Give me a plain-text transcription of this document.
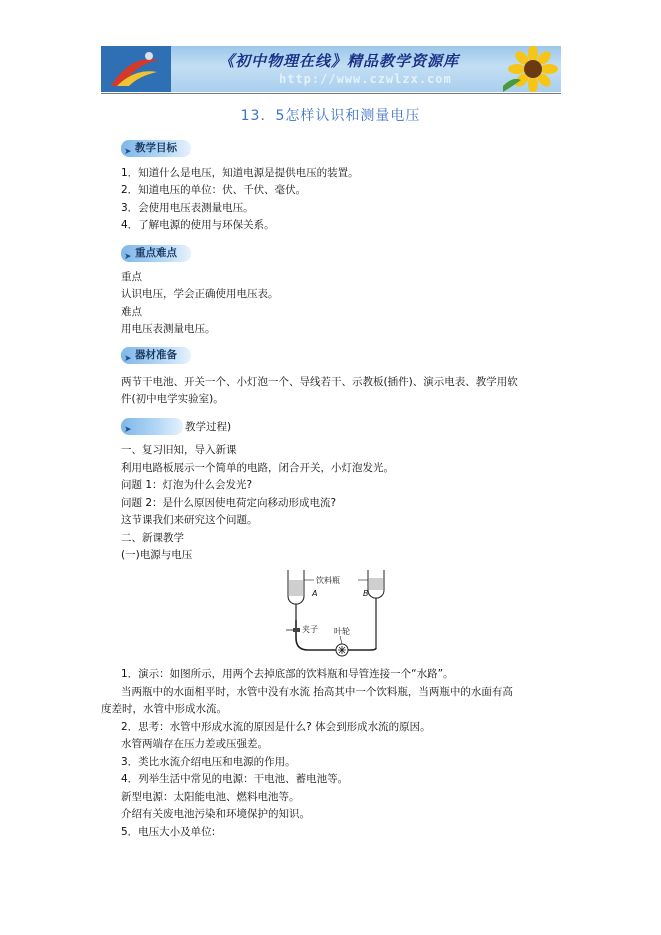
《初中物理在线》精品教学资源库
http://www.czwlzx.com
13．5怎样认识和测量电压
➤ 教学目标
1．知道什么是电压，知道电源是提供电压的装置。
2．知道电压的单位：伏、千伏、毫伏。
3．会使用电压表测量电压。
4．了解电源的使用与环保关系。
➤ 重点难点
重点
认识电压，学会正确使用电压表。
难点
用电压表测量电压。
➤ 器材准备
两节干电池、开关一个、小灯泡一个、导线若干、示教板(插件)、演示电表、教学用软
件(初中电学实验室)。
➤	教学过程)
一、复习旧知，导入新课
利用电路板展示一个简单的电路，闭合开关，小灯泡发光。
问题 1：灯泡为什么会发光?
问题 2：是什么原因使电荷定向移动形成电流?
这节课我们来研究这个问题。
二、新课教学
(一)电源与电压
饮料瓶
A	B
夹子 叶轮
1．演示：如图所示，用两个去掉底部的饮料瓶和导管连接一个“水路”。
当两瓶中的水面相平时，水管中没有水流 抬高其中一个饮料瓶，当两瓶中的水面有高
度差时，水管中形成水流。
2．思考：水管中形成水流的原因是什么? 体会到形成水流的原因。
水管两端存在压力差或压强差。
3．类比水流介绍电压和电源的作用。
4．列举生活中常见的电源：干电池、蓄电池等。
新型电源：太阳能电池、燃料电池等。
介绍有关废电池污染和环境保护的知识。
5．电压大小及单位:
